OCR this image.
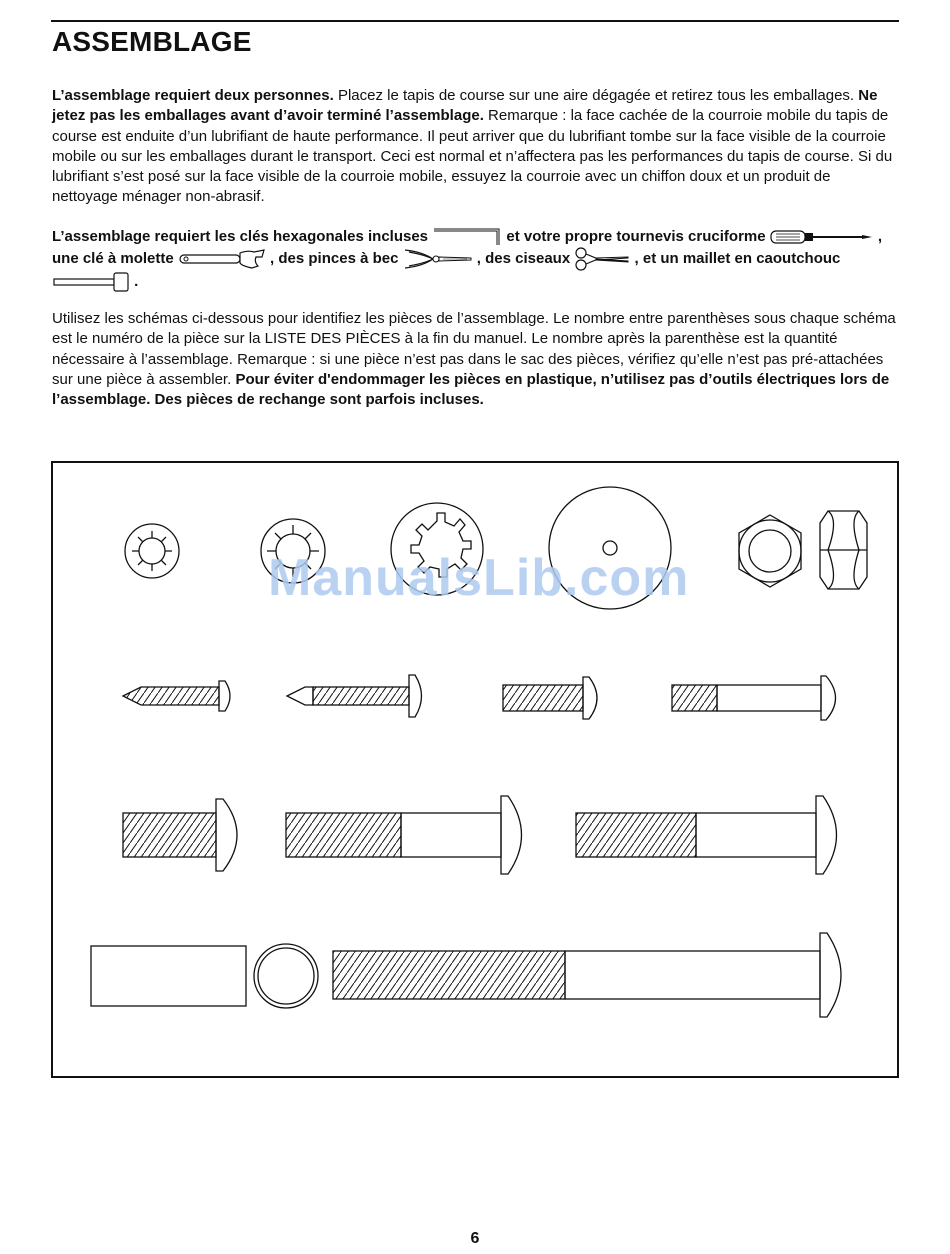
ASSEMBLAGE

L’assemblage requiert deux personnes. Placez le tapis de course sur une aire dégagée et retirez tous les emballages. Ne jetez pas les emballages avant d’avoir terminé l’assemblage. Remarque : la face cachée de la courroie mobile du tapis de course est enduite d’un lubrifiant de haute performance. Il peut arriver que du lubrifiant tombe sur la face visible de la courroie mobile ou sur les emballages durant le transport. Ceci est normal et n’affectera pas les performances du tapis de course. Si du lubrifiant s’est posé sur la face visible de la courroie mobile, essuyez la courroie avec un chiffon doux et un produit de nettoyage ménager non-abrasif.

L’assemblage requiert les clés hexagonales incluses	et votre propre tournevis cruciforme	, une clé à molette	, des pinces à bec	, des ciseaux	, et un maillet en caoutchouc  .

Utilisez les schémas ci-dessous pour identifiez les pièces de l’assemblage. Le nombre entre parenthèses sous chaque schéma est le numéro de la pièce sur la LISTE DES PIÈCES à la fin du manuel. Le nombre après la parenthèse est la quantité nécessaire à l’assemblage. Remarque : si une pièce n’est pas dans le sac des pièces, vérifiez qu’elle n’est pas pré-attachées sur une pièce à assembler. Pour éviter d'endommager les pièces en plastique, n’utilisez pas d’outils électriques lors de l’assemblage. Des pièces de rechange sont parfois incluses.

ManualsLib.com
6
